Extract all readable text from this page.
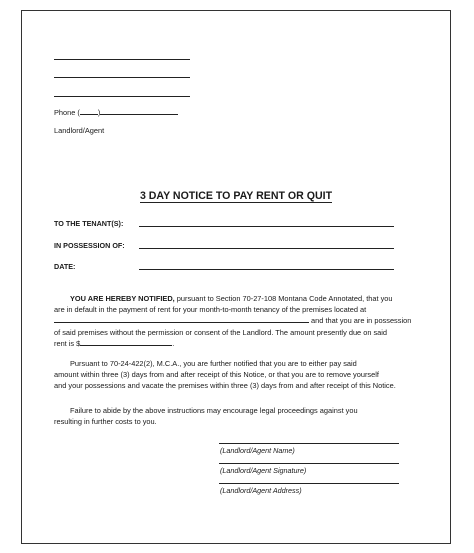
Phone ( )
Landlord/Agent
3 DAY NOTICE TO PAY RENT OR QUIT
TO THE TENANT(S):
IN POSSESSION OF:
DATE:
YOU ARE HEREBY NOTIFIED, pursuant to Section 70-27-108 Montana Code Annotated, that you
are in default in the payment of rent for your month-to-month tenancy of the premises located at
and that you are in possession
of said premises without the permission or consent of the Landlord. The amount presently due on said
rent is $	.
Pursuant to 70-24-422(2), M.C.A., you are further notified that you are to either pay said
amount within three (3) days from and after receipt of this Notice, or that you are to remove yourself
and your possessions and vacate the premises within three (3) days from and after receipt of this Notice.
Failure to abide by the above instructions may encourage legal proceedings against you
resulting in further costs to you.
(Landlord/Agent Name)
(Landlord/Agent Signature)
(Landlord/Agent Address)
